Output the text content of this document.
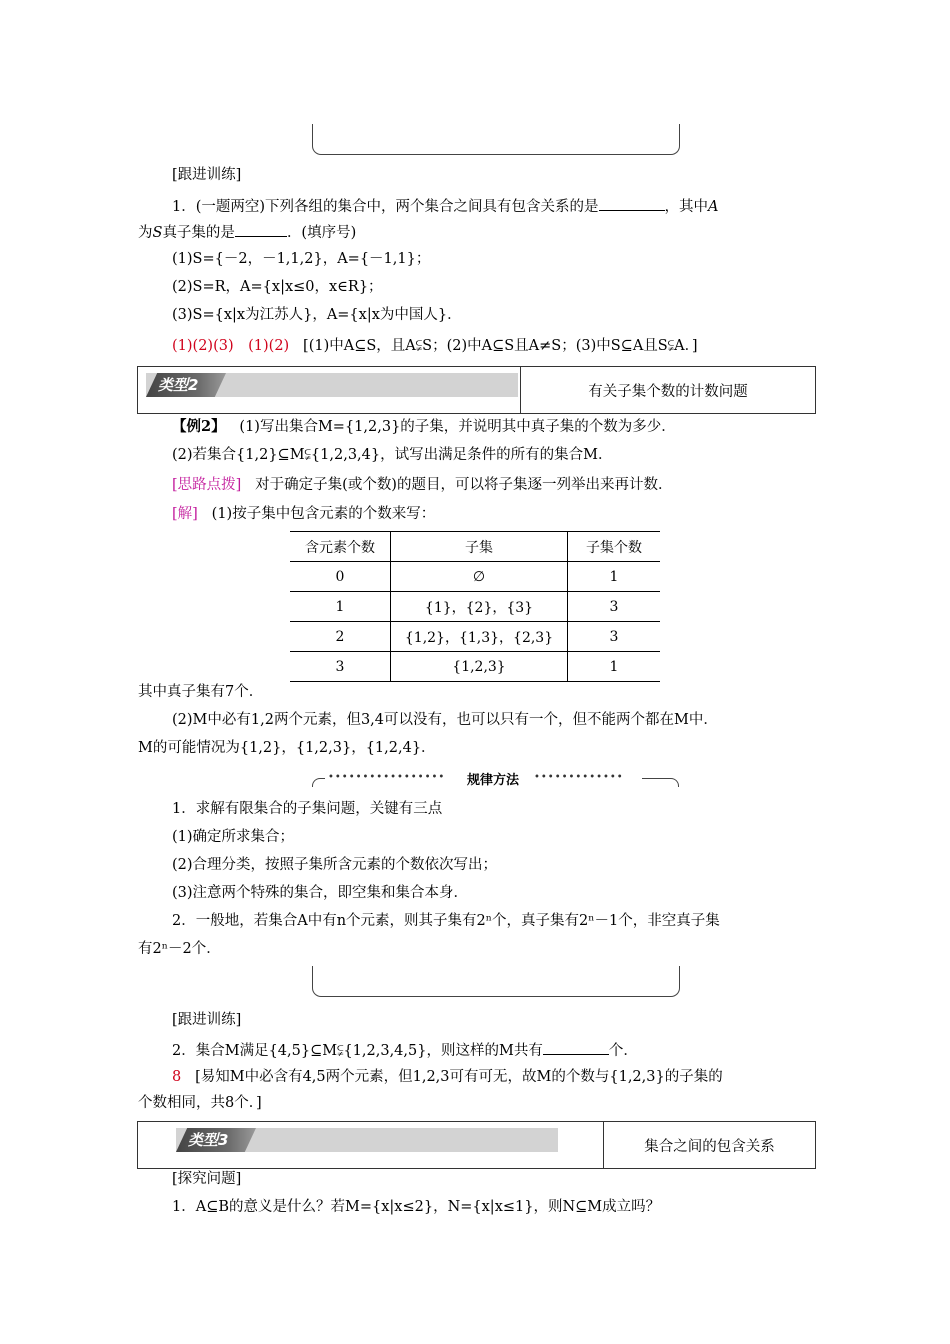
[跟进训练]
1．(一题两空)下列各组的集合中，两个集合之间具有包含关系的是	，其中A
为S真子集的是	．(填序号)
(1)S={－2，－1,1,2}，A={－1,1}；
(2)S=R，A={x|x≤0，x∈R}；
(3)S={x|x为江苏人}，A={x|x为中国人}．
(1)(2)(3)　(1)(2) [(1)中A⊆S，且A⫋S；(2)中A⊆S且A≠S；(3)中S⊆A且S⫋A．]
类型2	有关子集个数的计数问题
【例2】 (1)写出集合M={1,2,3}的子集，并说明其中真子集的个数为多少．
(2)若集合{1,2}⊆M⫋{1,2,3,4}，试写出满足条件的所有的集合M．
[思路点拨] 对于确定子集(或个数)的题目，可以将子集逐一列举出来再计数．
[解] (1)按子集中包含元素的个数来写：
含元素个数	子集	子集个数
0	∅	1
1	{1}，{2}，{3}	3
2	{1,2}，{1,3}，{2,3}	3
3	{1,2,3}	1
其中真子集有7个．
(2)M中必有1,2两个元素，但3,4可以没有，也可以只有一个，但不能两个都在M中．
M的可能情况为{1,2}，{1,2,3}，{1,2,4}．
••••••••••••••••• 规律方法 •••••••••••••
1．求解有限集合的子集问题，关键有三点
(1)确定所求集合；
(2)合理分类，按照子集所含元素的个数依次写出；
(3)注意两个特殊的集合，即空集和集合本身．
2．一般地，若集合A中有n个元素，则其子集有2ⁿ个，真子集有2ⁿ－1个，非空真子集
有2ⁿ－2个．
[跟进训练]
2．集合M满足{4,5}⊆M⫋{1,2,3,4,5}，则这样的M共有	个．
8 [易知M中必含有4,5两个元素，但1,2,3可有可无，故M的个数与{1,2,3}的子集的
个数相同，共8个．]
类型3	集合之间的包含关系
[探究问题]
1．A⊆B的意义是什么？若M={x|x≤2}，N={x|x≤1}，则N⊆M成立吗？
